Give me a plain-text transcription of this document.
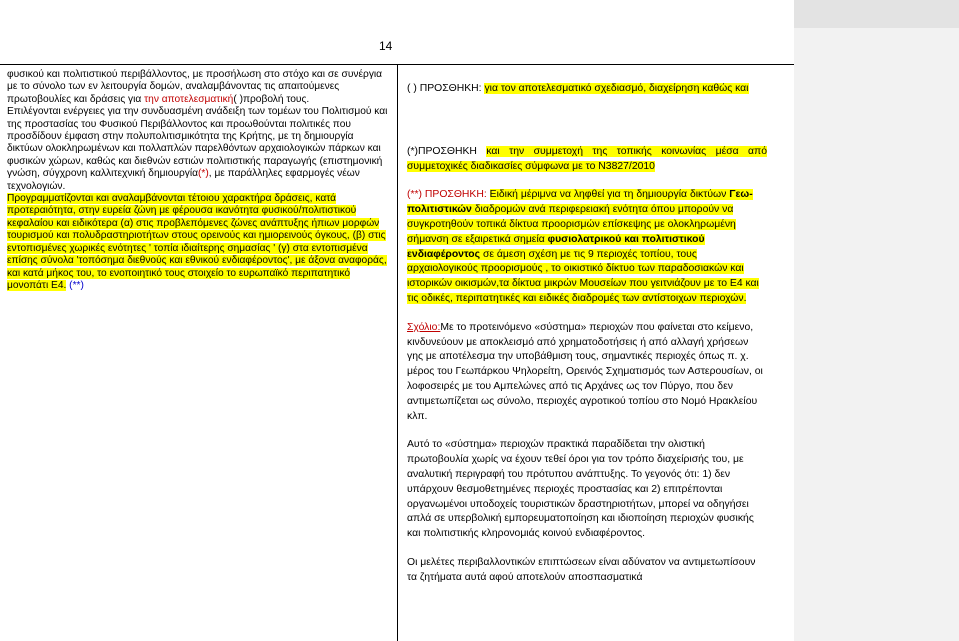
14

φυσικού και πολιτιστικού περιβάλλοντος, με προσήλωση στο στόχο και σε συνέργια με το σύνολο των εν λειτουργία δομών, αναλαμβάνοντας τις απαιτούμενες πρωτοβουλίες και δράσεις για την αποτελεσματική( )προβολή τους.

Επιλέγονται ενέργειες για την συνδυασμένη ανάδειξη των τομέων του Πολιτισμού και της προστασίας του Φυσικού Περιβάλλοντος και προωθούνται πολιτικές που προσδίδουν έμφαση στην πολυπολιτισμικότητα της Κρήτης, με τη δημιουργία δικτύων ολοκληρωμένων και πολλαπλών παρελθόντων αρχαιολογικών πάρκων και φυσικών χώρων, καθώς και διεθνών εστιών πολιτιστικής παραγωγής (επιστημονική γνώση, σύγχρονη καλλιτεχνική δημιουργία(*), με παράλληλες εφαρμογές νέων τεχνολογιών.

Προγραμματίζονται και αναλαμβάνονται τέτοιου χαρακτήρα δράσεις, κατά προτεραιότητα, στην ευρεία ζώνη με φέρουσα ικανότητα φυσικού/πολιτιστικού κεφαλαίου και ειδικότερα (α) στις προβλεπόμενες ζώνες ανάπτυξης ήπιων μορφών τουρισμού και πολυδραστηριοτήτων στους ορεινούς και ημιορεινούς όγκους, (β) στις εντοπισμένες χωρικές ενότητες ' τοπία ιδιαίτερης σημασίας ' (γ) στα εντοπισμένα επίσης σύνολα 'τοπόσημα διεθνούς και εθνικού ενδιαφέροντος', με άξονα αναφοράς, και κατά μήκος του, το ενοποιητικό τους στοιχείο το ευρωπαϊκό περιπατητικό μονοπάτι Ε4. (**)

( ) ΠΡΟΣΘΗΚΗ: για τον αποτελεσματικό σχεδιασμό, διαχείρηση καθώς και

(*)ΠΡΟΣΘΗΚΗ και την συμμετοχή της τοπικής κοινωνίας μέσα από συμμετοχικές διαδικασίες σύμφωνα με το Ν3827/2010

(**) ΠΡΟΣΘΗΚΗ: Ειδική μέριμνα να ληφθεί για τη δημιουργία δικτύων Γεω-πολιτιστικών διαδρομών ανά περιφερειακή ενότητα όπου μπορούν να συγκροτηθούν τοπικά δίκτυα προορισμών επίσκεψης με ολοκληρωμένη σήμανση σε εξαιρετικά σημεία φυσιολατρικού και πολιτιστικού ενδιαφέροντος σε άμεση σχέση με τις 9 περιοχές τοπίου, τους αρχαιολογικούς προορισμούς , το οικιστικό δίκτυο των παραδοσιακών και ιστορικών οικισμών,τα δίκτυα μικρών Μουσείων που γειτνιάζουν με το Ε4 και τις οδικές, περιπατητικές και ειδικές διαδρομές των αντίστοιχων περιοχών.

Σχόλιο:Με το προτεινόμενο «σύστημα» περιοχών που φαίνεται στο κείμενο, κινδυνεύουν με αποκλεισμό από χρηματοδοτήσεις ή από αλλαγή χρήσεων γης με αποτέλεσμα την υποβάθμιση τους, σημαντικές περιοχές όπως π. χ. μέρος του Γεωπάρκου Ψηλορείτη, Ορεινός Σχηματισμός των Αστερουσίων, οι λοφοσειρές με του Αμπελώνες από τις Αρχάνες ως τον Πύργο, που δεν αντιμετωπίζεται ως σύνολο, περιοχές αγροτικού τοπίου στο Νομό Ηρακλείου κλπ.

Αυτό το «σύστημα» περιοχών πρακτικά παραδίδεται την ολιστική πρωτοβουλία χωρίς να έχουν τεθεί όροι για τον τρόπο διαχείρισής του, με αναλυτική περιγραφή του πρότυπου ανάπτυξης. Το γεγονός ότι: 1) δεν υπάρχουν θεσμοθετημένες περιοχές προστασίας και 2) επιτρέπονται οργανωμένοι υποδοχείς τουριστικών δραστηριοτήτων, μπορεί να οδηγήσει απλά σε υπερβολική εμπορευματοποίηση και ιδιοποίηση περιοχών φυσικής και πολιτιστικής κληρονομιάς κοινού ενδιαφέροντος.

Οι μελέτες περιβαλλοντικών επιπτώσεων είναι αδύνατον να αντιμετωπίσουν τα ζητήματα αυτά αφού αποτελούν αποσπασματικά
